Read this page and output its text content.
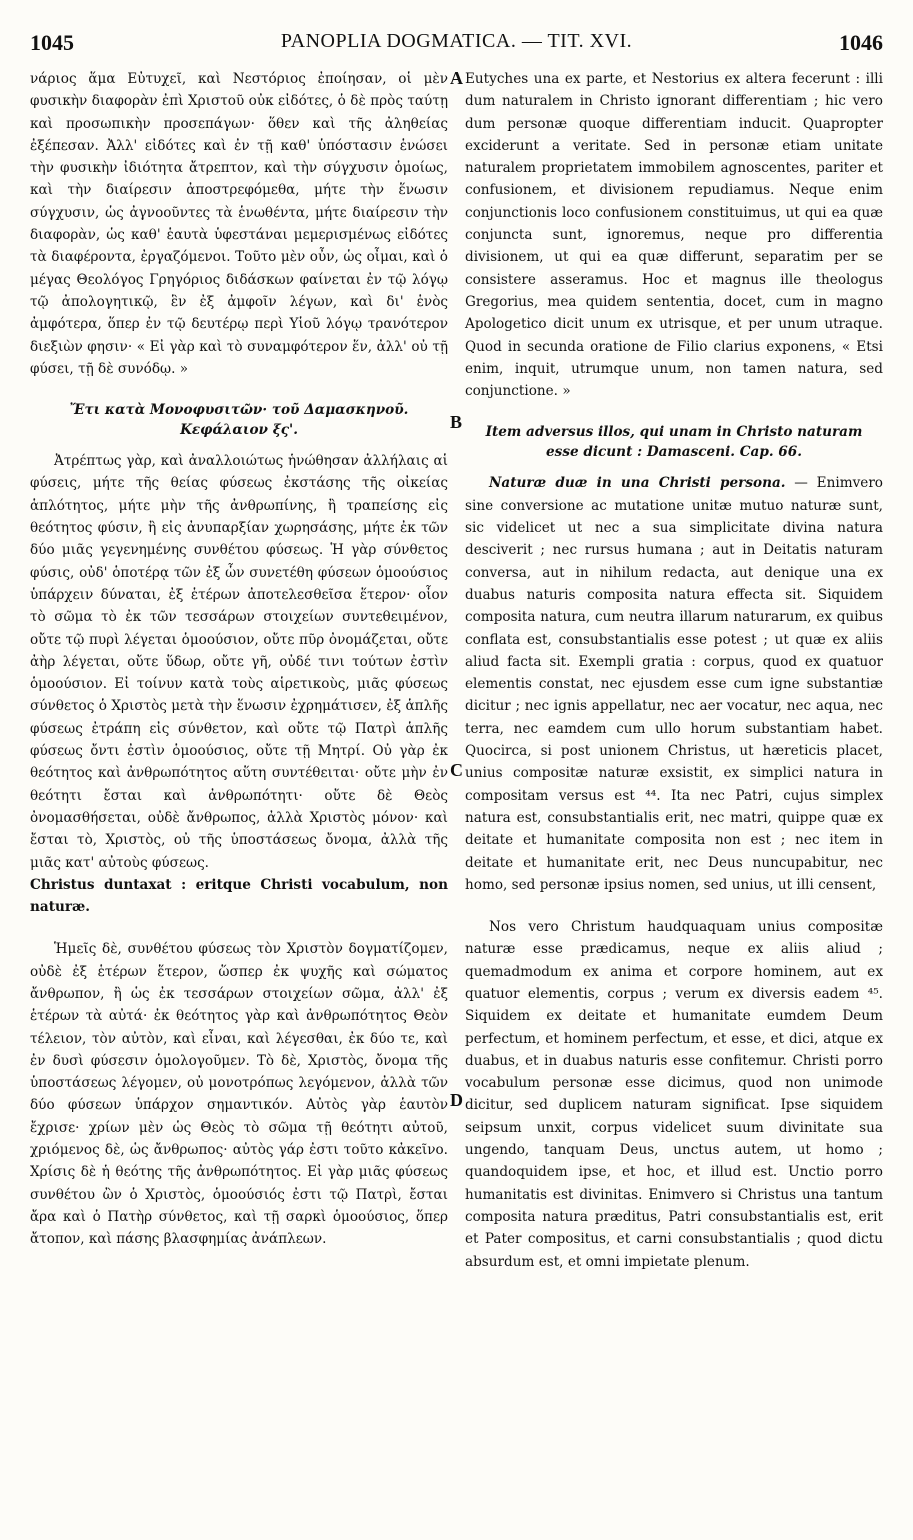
1045	PANOPLIA DOGMATICA. — TIT. XVI.	1046
A
B
C
D

νάριος ἅμα Εὐτυχεῖ, καὶ Νεστόριος ἐποίησαν, οἱ μὲν φυσικὴν διαφορὰν ἐπὶ Χριστοῦ οὐκ εἰδότες, ὁ δὲ πρὸς ταύτῃ καὶ προσωπικὴν προσεπάγων· ὅθεν καὶ τῆς ἀληθείας ἐξέπεσαν. Ἀλλ' εἰδότες καὶ ἐν τῇ καθ' ὑπόστασιν ἑνώσει τὴν φυσικὴν ἰδιότητα ἄτρεπτον, καὶ τὴν σύγχυσιν ὁμοίως, καὶ τὴν διαίρεσιν ἀποστρεφόμεθα, μήτε τὴν ἕνωσιν σύγχυσιν, ὡς ἀγνοοῦντες τὰ ἑνωθέντα, μήτε διαίρεσιν τὴν διαφορὰν, ὡς καθ' ἑαυτὰ ὑφεστάναι μεμερισμένως εἰδότες τὰ διαφέροντα, ἐργαζόμενοι. Τοῦτο μὲν οὖν, ὡς οἶμαι, καὶ ὁ μέγας Θεολόγος Γρηγόριος διδάσκων φαίνεται ἐν τῷ λόγῳ τῷ ἀπολογητικῷ, ἓν ἐξ ἀμφοῖν λέγων, καὶ δι' ἑνὸς ἀμφότερα, ὅπερ ἐν τῷ δευτέρῳ περὶ Υἱοῦ λόγῳ τρανότερον διεξιὼν φησιν· « Εἰ γὰρ καὶ τὸ συναμφότερον ἕν, ἀλλ' οὐ τῇ φύσει, τῇ δὲ συνόδῳ. »

Ἔτι κατὰ Μονοφυσιτῶν· τοῦ Δαμασκηνοῦ. Κεφάλαιον ξς'.

Ἀτρέπτως γὰρ, καὶ ἀναλλοιώτως ἡνώθησαν ἀλλήλαις αἱ φύσεις, μήτε τῆς θείας φύσεως ἐκστάσης τῆς οἰκείας ἁπλότητος, μήτε μὴν τῆς ἀνθρωπίνης, ἢ τραπείσης εἰς θεότητος φύσιν, ἢ εἰς ἀνυπαρξίαν χωρησάσης, μήτε ἐκ τῶν δύο μιᾶς γεγενημένης συνθέτου φύσεως. Ἡ γὰρ σύνθετος φύσις, οὐδ' ὁποτέρᾳ τῶν ἐξ ὧν συνετέθη φύσεων ὁμοούσιος ὑπάρχειν δύναται, ἐξ ἑτέρων ἀποτελεσθεῖσα ἕτερον· οἷον τὸ σῶμα τὸ ἐκ τῶν τεσσάρων στοιχείων συντεθειμένον, οὔτε τῷ πυρὶ λέγεται ὁμοούσιον, οὔτε πῦρ ὀνομάζεται, οὔτε ἀὴρ λέγεται, οὔτε ὕδωρ, οὔτε γῆ, οὐδέ τινι τούτων ἐστὶν ὁμοούσιον. Εἰ τοίνυν κατὰ τοὺς αἱρετικοὺς, μιᾶς φύσεως σύνθετος ὁ Χριστὸς μετὰ τὴν ἕνωσιν ἐχρημάτισεν, ἐξ ἁπλῆς φύσεως ἐτράπη εἰς σύνθετον, καὶ οὔτε τῷ Πατρὶ ἁπλῆς φύσεως ὄντι ἐστὶν ὁμοούσιος, οὔτε τῇ Μητρί. Οὐ γὰρ ἐκ θεότητος καὶ ἀνθρωπότητος αὕτη συντέθειται· οὔτε μὴν ἐν θεότητι ἔσται καὶ ἀνθρωπότητι· οὔτε δὲ Θεὸς ὀνομασθήσεται, οὐδὲ ἄνθρωπος, ἀλλὰ Χριστὸς μόνον· καὶ ἔσται τὸ, Χριστὸς, οὐ τῆς ὑποστάσεως ὄνομα, ἀλλὰ τῆς μιᾶς κατ' αὐτοὺς φύσεως.

Christus duntaxat : eritque Christi vocabulum, non naturæ.

Ἡμεῖς δὲ, συνθέτου φύσεως τὸν Χριστὸν δογματίζομεν, οὐδὲ ἐξ ἑτέρων ἕτερον, ὥσπερ ἐκ ψυχῆς καὶ σώματος ἄνθρωπον, ἢ ὡς ἐκ τεσσάρων στοιχείων σῶμα, ἀλλ' ἐξ ἑτέρων τὰ αὐτά· ἐκ θεότητος γὰρ καὶ ἀνθρωπότητος Θεὸν τέλειον, τὸν αὐτὸν, καὶ εἶναι, καὶ λέγεσθαι, ἐκ δύο τε, καὶ ἐν δυσὶ φύσεσιν ὁμολογοῦμεν. Τὸ δὲ, Χριστὸς, ὄνομα τῆς ὑποστάσεως λέγομεν, οὐ μονοτρόπως λεγόμενον, ἀλλὰ τῶν δύο φύσεων ὑπάρχον σημαντικόν. Αὐτὸς γὰρ ἑαυτὸν ἔχρισε· χρίων μὲν ὡς Θεὸς τὸ σῶμα τῇ θεότητι αὐτοῦ, χριόμενος δὲ, ὡς ἄνθρωπος· αὐτὸς γάρ ἐστι τοῦτο κἀκεῖνο. Χρίσις δὲ ἡ θεότης τῆς ἀνθρωπότητος. Εἰ γὰρ μιᾶς φύσεως συνθέτου ὢν ὁ Χριστὸς, ὁμοούσιός ἐστι τῷ Πατρὶ, ἔσται ἄρα καὶ ὁ Πατὴρ σύνθετος, καὶ τῇ σαρκὶ ὁμοούσιος, ὅπερ ἄτοπον, καὶ πάσης βλασφημίας ἀνάπλεων.

Eutyches una ex parte, et Nestorius ex altera fecerunt : illi dum naturalem in Christo ignorant differentiam ; hic vero dum personæ quoque differentiam inducit. Quapropter exciderunt a veritate. Sed in personæ etiam unitate naturalem proprietatem immobilem agnoscentes, pariter et confusionem, et divisionem repudiamus. Neque enim conjunctionis loco confusionem constituimus, ut qui ea quæ conjuncta sunt, ignoremus, neque pro differentia divisionem, ut qui ea quæ differunt, separatim per se consistere asseramus. Hoc et magnus ille theologus Gregorius, mea quidem sententia, docet, cum in magno Apologetico dicit unum ex utrisque, et per unum utraque. Quod in secunda oratione de Filio clarius exponens, « Etsi enim, inquit, utrumque unum, non tamen natura, sed conjunctione. »

Item adversus illos, qui unam in Christo naturam esse dicunt : Damasceni. Cap. 66.

Naturæ duæ in una Christi persona. — Enimvero sine conversione ac mutatione unitæ mutuo naturæ sunt, sic videlicet ut nec a sua simplicitate divina natura desciverit ; nec rursus humana ; aut in Deitatis naturam conversa, aut in nihilum redacta, aut denique una ex duabus naturis composita natura effecta sit. Siquidem composita natura, cum neutra illarum naturarum, ex quibus conflata est, consubstantialis esse potest ; ut quæ ex aliis aliud facta sit. Exempli gratia : corpus, quod ex quatuor elementis constat, nec ejusdem esse cum igne substantiæ dicitur ; nec ignis appellatur, nec aer vocatur, nec aqua, nec terra, nec eamdem cum ullo horum substantiam habet. Quocirca, si post unionem Christus, ut hæreticis placet, unius compositæ naturæ exsistit, ex simplici natura in compositam versus est ⁴⁴. Ita nec Patri, cujus simplex natura est, consubstantialis erit, nec matri, quippe quæ ex deitate et humanitate composita non est ; nec item in deitate et humanitate erit, nec Deus nuncupabitur, nec homo, sed personæ ipsius nomen, sed unius, ut illi censent,

Nos vero Christum haudquaquam unius compositæ naturæ esse prædicamus, neque ex aliis aliud ; quemadmodum ex anima et corpore hominem, aut ex quatuor elementis, corpus ; verum ex diversis eadem ⁴⁵. Siquidem ex deitate et humanitate eumdem Deum perfectum, et hominem perfectum, et esse, et dici, atque ex duabus, et in duabus naturis esse confitemur. Christi porro vocabulum personæ esse dicimus, quod non unimode dicitur, sed duplicem naturam significat. Ipse siquidem seipsum unxit, corpus videlicet suum divinitate sua ungendo, tanquam Deus, unctus autem, ut homo ; quandoquidem ipse, et hoc, et illud est. Unctio porro humanitatis est divinitas. Enimvero si Christus una tantum composita natura præditus, Patri consubstantialis est, erit et Pater compositus, et carni consubstantialis ; quod dictu absurdum est, et omni impietate plenum.
